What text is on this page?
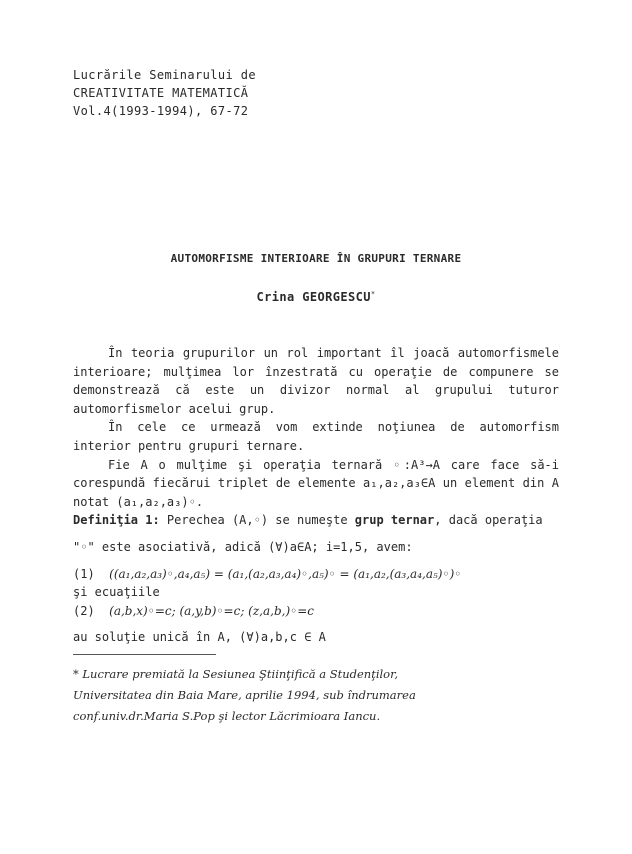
Lucrările Seminarului de
CREATIVITATE MATEMATICĂ
Vol.4(1993-1994), 67-72
AUTOMORFISME INTERIOARE ÎN GRUPURI TERNARE
Crina GEORGESCU*
În teoria grupurilor un rol important îl joacă automorfismele interioare; mulţimea lor înzestrată cu operaţie de compunere se demonstrează că este un divizor normal al grupului tuturor automorfismelor acelui grup.
În cele ce urmează vom extinde noţiunea de automorfism interior pentru grupuri ternare.
Fie A o mulţime şi operaţia ternară ◦:A³→A care face să-i corespundă fiecărui triplet de elemente a₁,a₂,a₃∈A un element din A notat (a₁,a₂,a₃)◦.
Definiţia 1: Perechea (A,◦) se numeşte grup ternar, dacă operaţia
"◦" este asociativă, adică (∀)a∈A; i=1,5, avem:
(1) ((a₁,a₂,a₃)◦,a₄,a₅) = (a₁,(a₂,a₃,a₄)◦,a₅)◦ = (a₁,a₂,(a₃,a₄,a₅)◦)◦
şi ecuaţiile
(2) (a,b,x)◦=c; (a,y,b)◦=c; (z,a,b,)◦=c
au soluţie unică în A, (∀)a,b,c ∈ A
* Lucrare premiată la Sesiunea Ştiinţifică a Studenţilor,
Universitatea din Baia Mare, aprilie 1994, sub îndrumarea
conf.univ.dr.Maria S.Pop şi lector Lăcrimioara Iancu.
